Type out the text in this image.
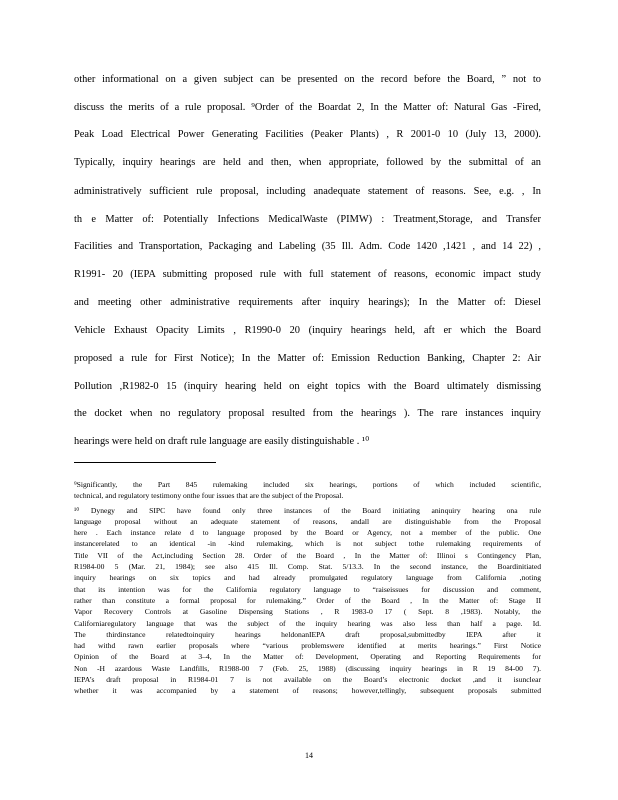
other informational on a given subject can be presented on the record before the Board, ” not to
discuss the merits of a rule proposal. ⁹Order of the Boardat 2, In the Matter of: Natural Gas -Fired,
Peak Load Electrical Power Generating Facilities (Peaker Plants) , R 2001-0 10 (July 13, 2000).
Typically, inquiry hearings are held and then, when appropriate, followed by the submittal of an
administratively sufficient rule proposal, including anadequate statement of reasons. See, e.g. , In
th e Matter of: Potentially Infections MedicalWaste (PIMW) : Treatment,Storage, and Transfer
Facilities and Transportation, Packaging and Labeling (35 Ill. Adm. Code 1420 ,1421 , and 14 22) ,
R1991- 20 (IEPA submitting proposed rule with full statement of reasons, economic impact study
and meeting other administrative requirements after inquiry hearings); In the Matter of: Diesel
Vehicle Exhaust Opacity Limits , R1990-0 20 (inquiry hearings held, aft er which the Board
proposed a rule for First Notice); In the Matter of: Emission Reduction Banking, Chapter 2: Air
Pollution ,R1982-0 15 (inquiry hearing held on eight topics with the Board ultimately dismissing
the docket when no regulatory proposal resulted from the hearings ). The rare instances inquiry
hearings were held on draft rule language are easily distinguishable . ¹⁰
⁹Significantly, the Part 845 rulemaking included six hearings, portions of which included scientific,
technical, and regulatory testimony onthe four issues that are the subject of the Proposal.
¹⁰ Dynegy and SIPC have found only three instances of the Board initiating aninquiry hearing ona rule
language proposal without an adequate statement of reasons, andall are distinguishable from the Proposal
here . Each instance relate d to language proposed by the Board or Agency, not a member of the public. One
instancerelated to an identical -in -kind rulemaking, which is not subject tothe rulemaking requirements of
Title VII of the Act,including Section 28. Order of the Board , In the Matter of: Illinoi s Contingency Plan,
R1984-00 5 (Mar. 21, 1984); see also 415 Ill. Comp. Stat. 5/13.3. In the second instance, the Boardinitiated
inquiry hearings on six topics and had already promulgated regulatory language from California ,noting
that its intention was for the California regulatory language to “raiseissues for discussion and comment,
rather than constitute a formal proposal for rulemaking.” Order of the Board , In the Matter of: Stage II
Vapor Recovery Controls at Gasoline Dispensing Stations , R 1983-0 17 ( Sept. 8 ,1983). Notably, the
Californiaregulatory language that was the subject of the inquiry hearing was also less than half a page. Id.
The thirdinstance relatedtoinquiry hearings heldonanIEPA draft proposal,submittedby IEPA after it
had withd rawn earlier proposals where “various problemswere identified at merits hearings.” First Notice
Opinion of the Board at 3–4, In the Matter of: Development, Operating and Reporting Requirements for
Non -H azardous Waste Landfills, R1988-00 7 (Feb. 25, 1988) (discussing inquiry hearings in R 19 84-00 7).
IEPA’s draft proposal in R1984-01 7 is not available on the Board’s electronic docket ,and it isunclear
whether it was accompanied by a statement of reasons; however,tellingly, subsequent proposals submitted
14
